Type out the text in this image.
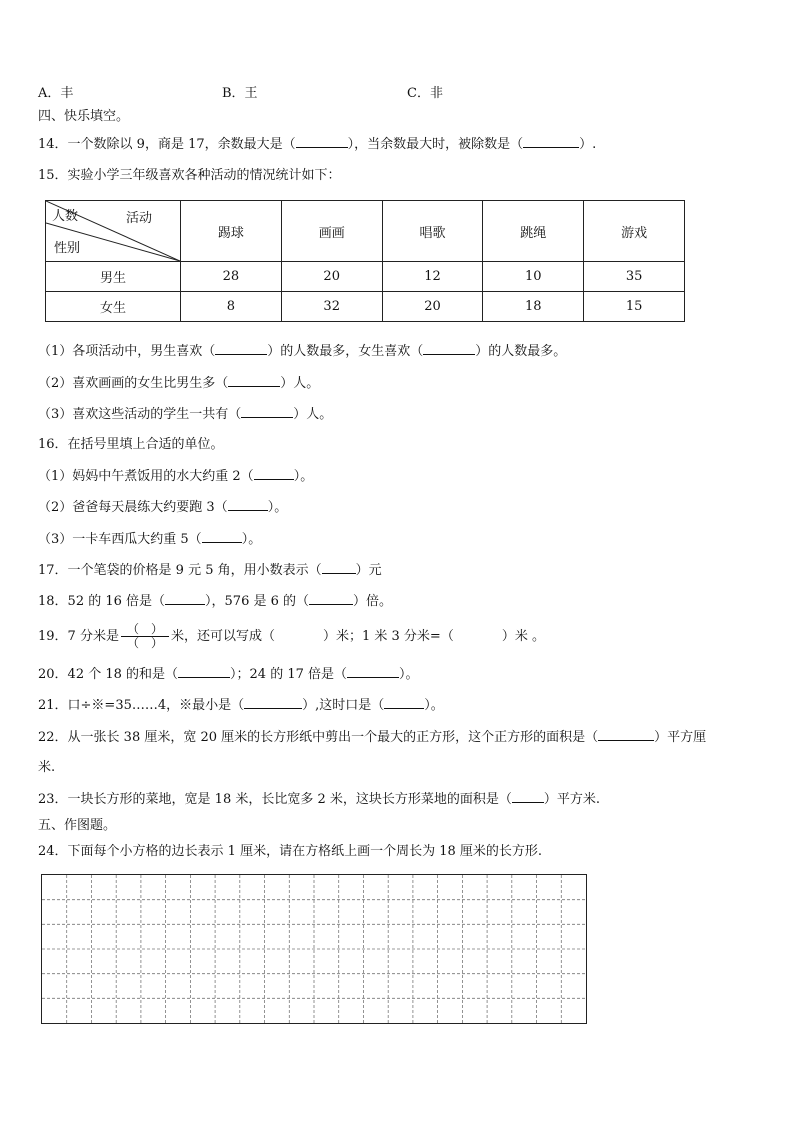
A．丰	B．王	C．非
四、快乐填空。
14．一个数除以 9，商是 17，余数最大是（	），当余数最大时，被除数是（	）.
15．实验小学三年级喜欢各种活动的情况统计如下：
人数 活动
性别	踢球	画画	唱歌	跳绳	游戏
男生	28	20	12	10	35
女生	8	32	20	18	15
（1）各项活动中，男生喜欢（	）的人数最多，女生喜欢（	）的人数最多。
（2）喜欢画画的女生比男生多（	）人。
（3）喜欢这些活动的学生一共有（	）人。
16．在括号里填上合适的单位。
（1）妈妈中午煮饭用的水大约重 2（	）。
（2）爸爸每天晨练大约要跑 3（	）。
（3）一卡车西瓜大约重 5（	）。
17．一个笔袋的价格是 9 元 5 角，用小数表示（	）元
18．52 的 16 倍是（	），576 是 6 的（	）倍。
19．7 分米是 $\frac{( )}{( )}$ 米，还可以写成（	）米；1 米 3 分米=（	）米 。
20．42 个 18 的和是（	）；24 的 17 倍是（	）。
21．口÷※=35……4，※最小是（	）,这时口是（	）。
22．从一张长 38 厘米，宽 20 厘米的长方形纸中剪出一个最大的正方形，这个正方形的面积是（	）平方厘
米.
23．一块长方形的菜地，宽是 18 米，长比宽多 2 米，这块长方形菜地的面积是（ ）平方米.
五、作图题。
24．下面每个小方格的边长表示 1 厘米，请在方格纸上画一个周长为 18 厘米的长方形.
